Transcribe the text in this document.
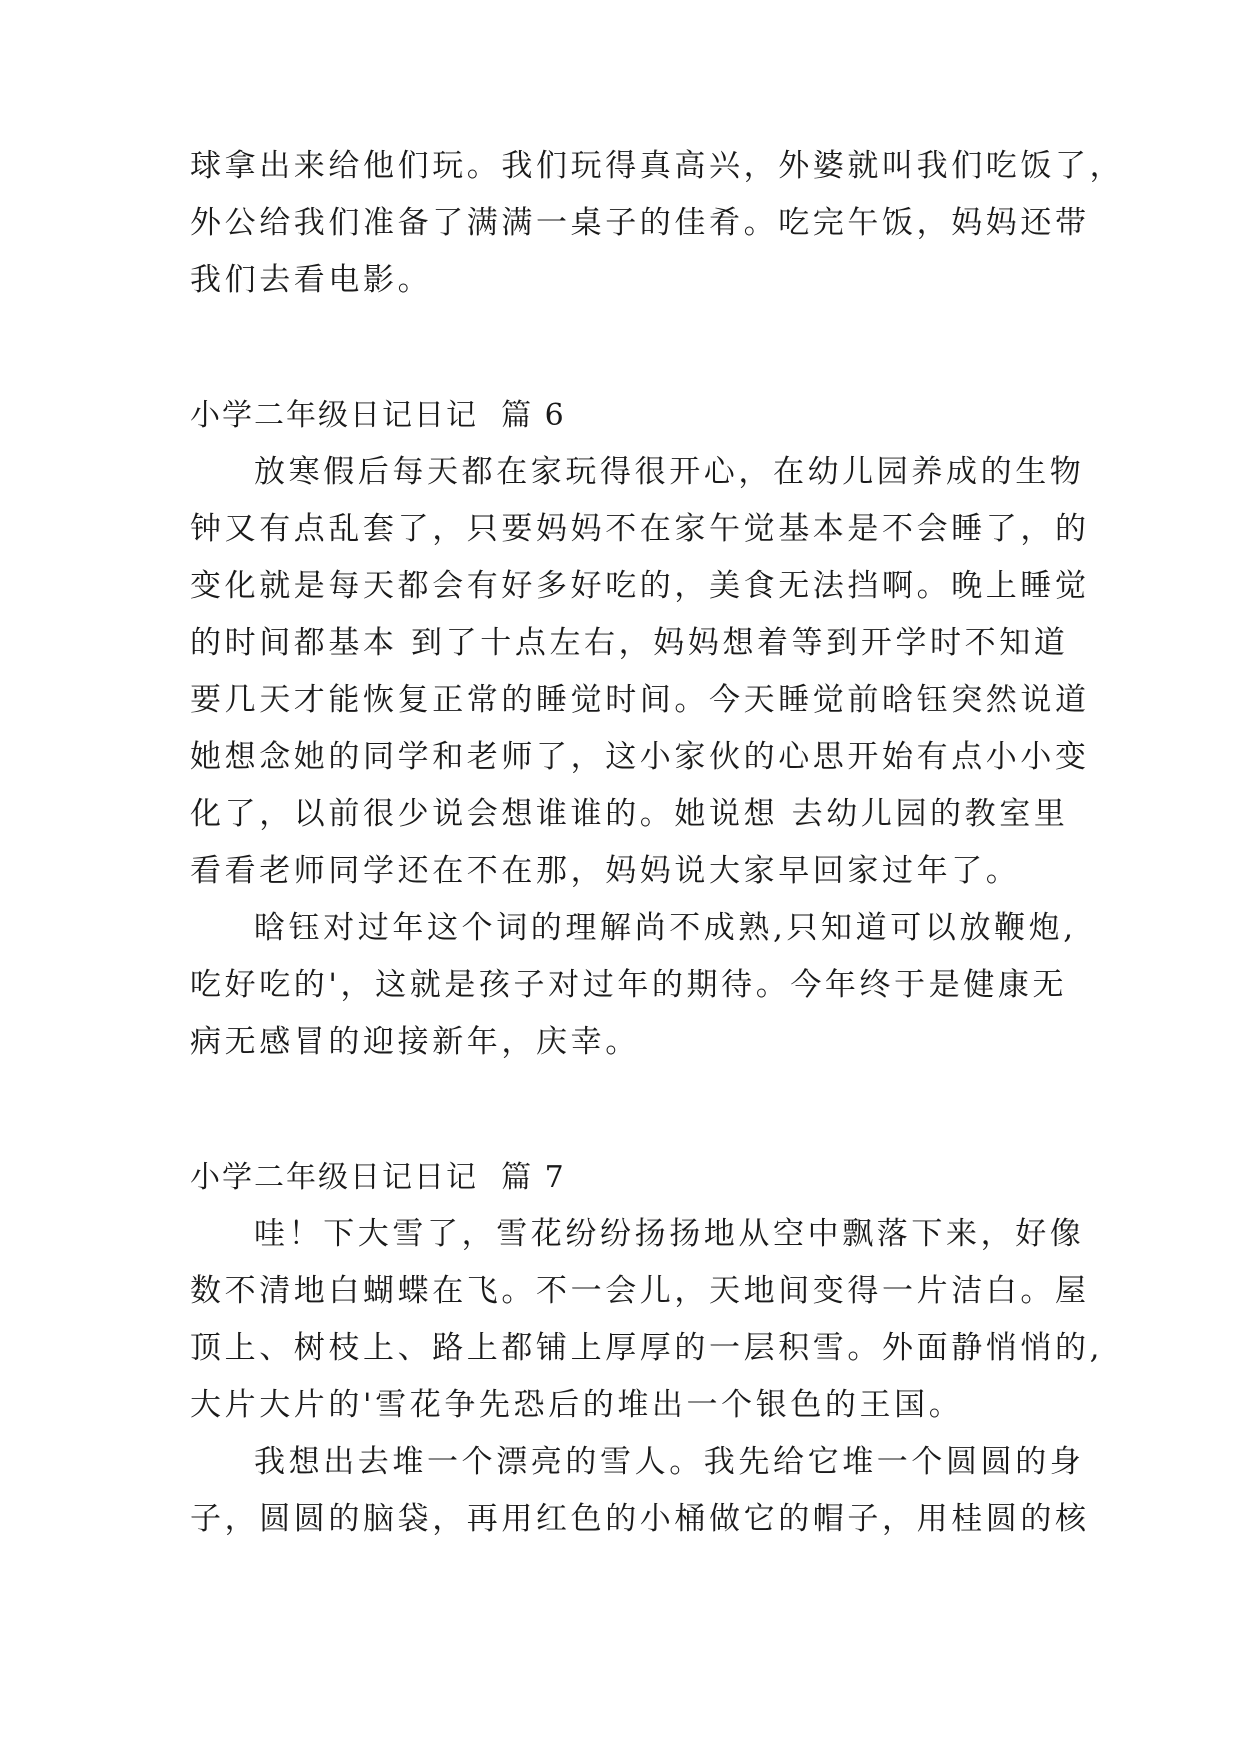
球拿出来给他们玩。我们玩得真高兴，外婆就叫我们吃饭了，
外公给我们准备了满满一桌子的佳肴。吃完午饭，妈妈还带
我们去看电影。
小学二年级日记日记  篇 6
放寒假后每天都在家玩得很开心，在幼儿园养成的生物
钟又有点乱套了，只要妈妈不在家午觉基本是不会睡了，的
变化就是每天都会有好多好吃的，美食无法挡啊。晚上睡觉
的时间都基本 到了十点左右，妈妈想着等到开学时不知道
要几天才能恢复正常的睡觉时间。今天睡觉前晗钰突然说道
她想念她的同学和老师了，这小家伙的心思开始有点小小变
化了，以前很少说会想谁谁的。她说想 去幼儿园的教室里
看看老师同学还在不在那，妈妈说大家早回家过年了。
晗钰对过年这个词的理解尚不成熟,只知道可以放鞭炮,
吃好吃的'，这就是孩子对过年的期待。今年终于是健康无
病无感冒的迎接新年，庆幸。
小学二年级日记日记  篇 7
哇！下大雪了，雪花纷纷扬扬地从空中飘落下来，好像
数不清地白蝴蝶在飞。不一会儿，天地间变得一片洁白。屋
顶上、树枝上、路上都铺上厚厚的一层积雪。外面静悄悄的,
大片大片的'雪花争先恐后的堆出一个银色的王国。
我想出去堆一个漂亮的雪人。我先给它堆一个圆圆的身
子，圆圆的脑袋，再用红色的小桶做它的帽子，用桂圆的核
